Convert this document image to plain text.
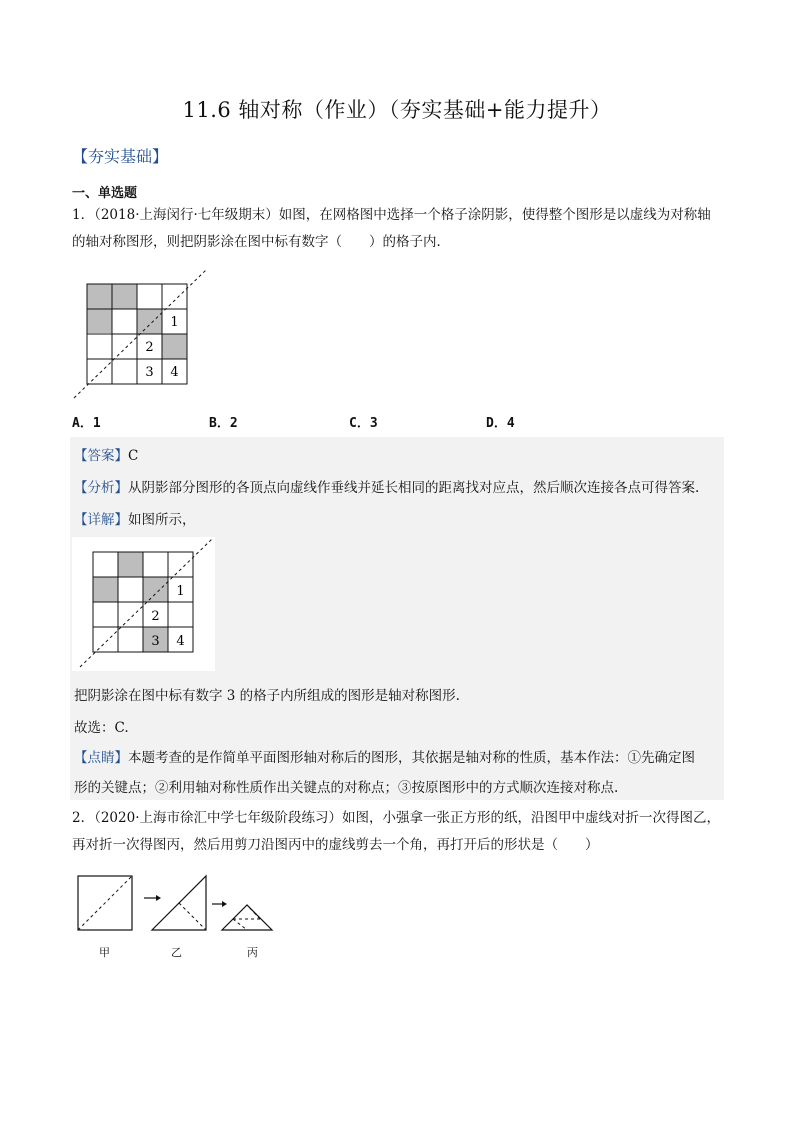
11.6 轴对称（作业）（夯实基础+能力提升）
【夯实基础】
一、单选题
1．（2018·上海闵行·七年级期末）如图，在网格图中选择一个格子涂阴影，使得整个图形是以虚线为对称轴的轴对称图形，则把阴影涂在图中标有数字（　　）的格子内．
1
2
3 4
A．1	B．2	C．3	D．4
【答案】C
【分析】从阴影部分图形的各顶点向虚线作垂线并延长相同的距离找对应点，然后顺次连接各点可得答案.
【详解】如图所示，
1
2
3 4
把阴影涂在图中标有数字 3 的格子内所组成的图形是轴对称图形.
故选：C.
【点睛】本题考查的是作简单平面图形轴对称后的图形，其依据是轴对称的性质，基本作法：①先确定图
形的关键点；②利用轴对称性质作出关键点的对称点；③按原图形中的方式顺次连接对称点.
2．（2020·上海市徐汇中学七年级阶段练习）如图，小强拿一张正方形的纸，沿图甲中虚线对折一次得图乙，再对折一次得图丙，然后用剪刀沿图丙中的虚线剪去一个角，再打开后的形状是（　　）
甲	乙	丙
